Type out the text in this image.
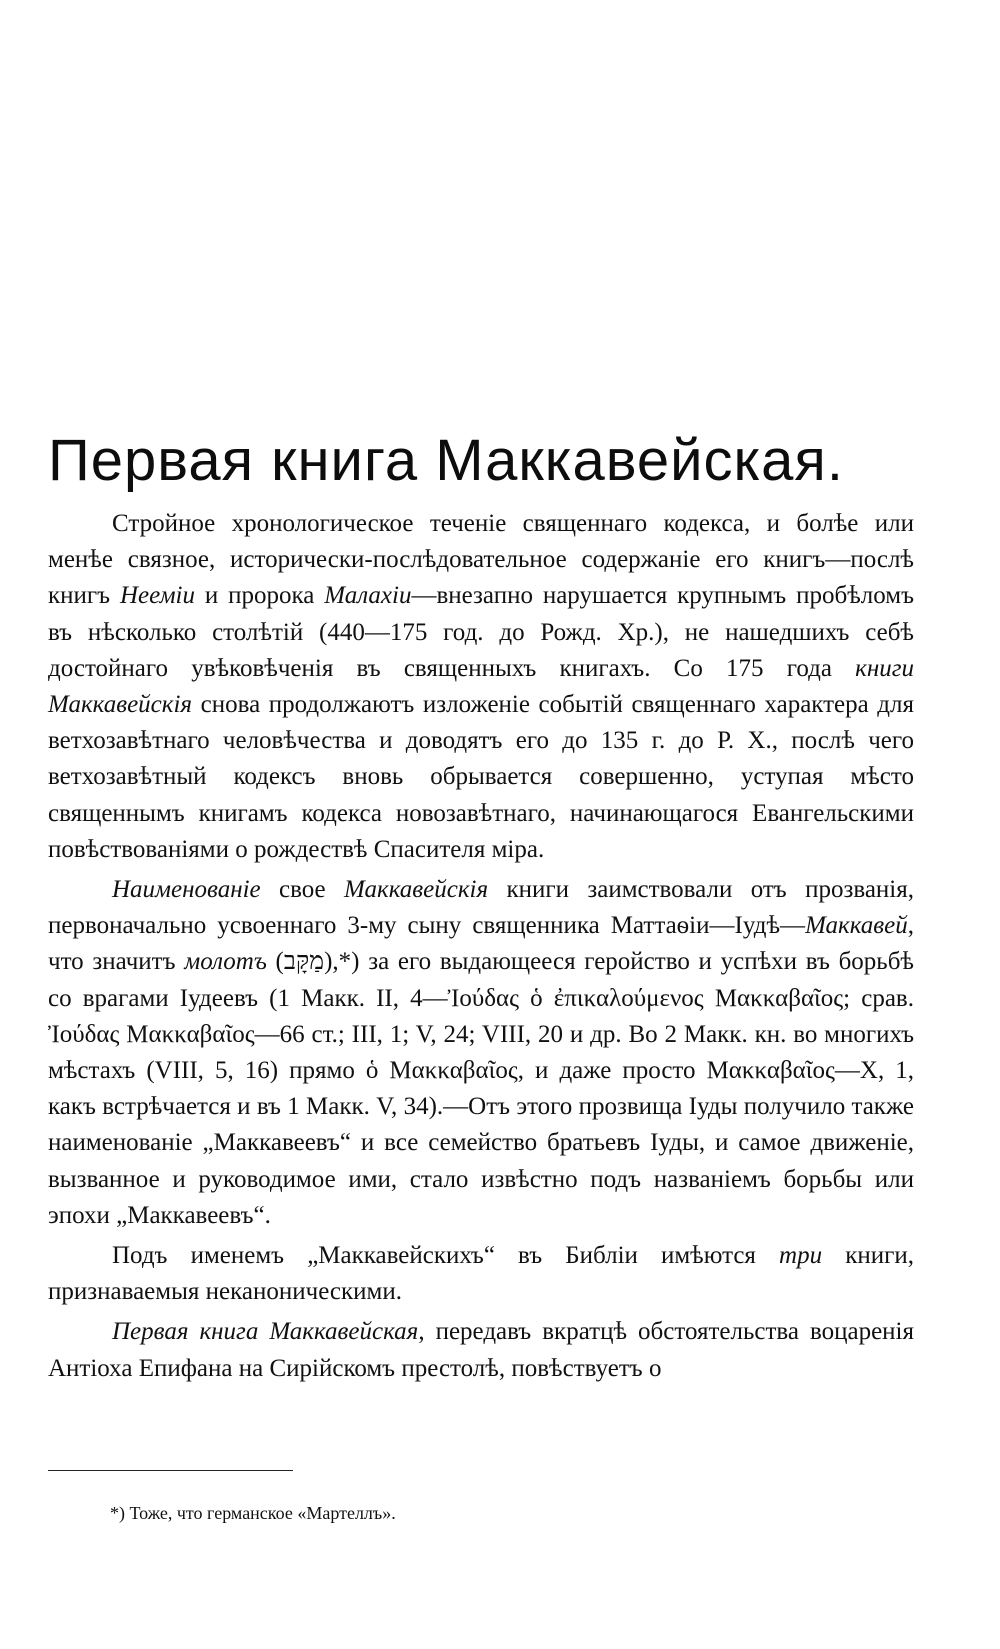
Первая книга Маккавейская.

Стройное хронологическое теченіе священнаго кодекса, и болѣе или менѣе связное, исторически-послѣдовательное содержаніе его книгъ—послѣ книгъ Неемiи и пророка Малахiи—внезапно нарушается крупнымъ пробѣломъ въ нѣсколько столѣтій (440—175 год. до Рожд. Хр.), не нашедшихъ себѣ достойнаго увѣковѣченія въ священныхъ книгахъ. Со 175 года книги Маккавейскія снова продолжаютъ изложеніе событій священнаго характера для ветхозавѣтнаго человѣчества и доводятъ его до 135 г. до Р. Х., послѣ чего ветхозавѣтный кодексъ вновь обрывается совершенно, уступая мѣсто священнымъ книгамъ кодекса новозавѣтнаго, начинающагося Евангельскими повѣствованіями о рождествѣ Спасителя міра.

Наименованіе свое Маккавейскія книги заимствовали отъ прозванія, первоначально усвоеннаго 3-му сыну священника Маттаѳіи—Іудѣ—Маккавей, что значитъ молотъ (מַקָּב),*) за его выдающееся геройство и успѣхи въ борьбѣ со врагами Іудеевъ (1 Макк. II, 4—Ἰούδας ὁ ἐπικαλούμενος Μακκαβαῖος; срав. Ἰούδας Μακκαβαῖος—66 ст.; III, 1; V, 24; VIII, 20 и др. Во 2 Макк. кн. во многихъ мѣстахъ (VIII, 5, 16) прямо ὁ Μακκαβαῖος, и даже просто Μακκαβαῖος—X, 1, какъ встрѣчается и въ 1 Макк. V, 34).—Отъ этого прозвища Іуды получило также наименованіе „Маккавеевъ“ и все семейство братьевъ Іуды, и самое движеніе, вызванное и руководимое ими, стало извѣстно подъ названіемъ борьбы или эпохи „Маккавеевъ“.

Подъ именемъ „Маккавейскихъ“ въ Библіи имѣются три книги, признаваемыя неканоническими.

Первая книга Маккавейская, передавъ вкратцѣ обстоятельства воцаренія Антіоха Епифана на Сирійскомъ престолѣ, повѣствуетъ о

*) Тоже, что германское «Мартеллъ».
